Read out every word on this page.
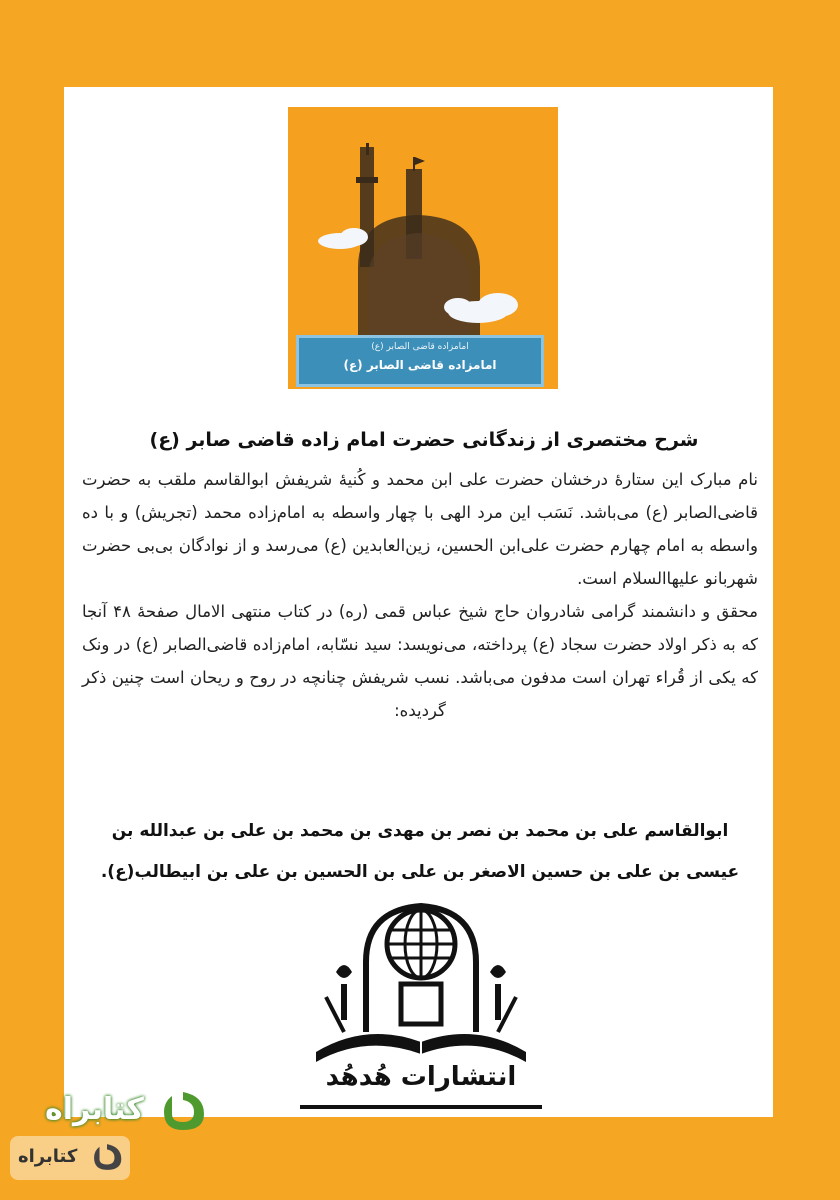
امامزاده قاضی الصابر (ع)
امامزاده قاضی الصابر (ع)
شرح مختصری از زندگانی حضرت امام زاده قاضی صابر (ع)

نام مبارک این ستارۀ درخشان حضرت علی ابن محمد و کُنیۀ شریفش ابوالقاسم ملقب به حضرت قاضی‌الصابر (ع) می‌باشد. نَسَب این مرد الهی با چهار واسطه به امام‌زاده محمد (تجریش) و با ده واسطه به امام چهارم حضرت علی‌ابن الحسین، زین‌العابدین (ع) می‌رسد و از نوادگان بی‌بی حضرت شهربانو علیهاالسلام است.

محقق و دانشمند گرامی شادروان حاج شیخ عباس قمی (ره) در کتاب منتهی الامال صفحۀ ۴۸ آنجا که به ذکر اولاد حضرت سجاد (ع) پرداخته، می‌نویسد: سید نسّابه، امام‌زاده قاضی‌الصابر (ع) در ونک که یکی از قُراء تهران است مدفون می‌باشد. نسب شریفش چنانچه در روح و ریحان است چنین ذکر گردیده:

ابوالقاسم علی بن محمد بن نصر بن مهدی بن محمد بن علی بن عبدالله بن
عیسی بن علی بن حسین الاصغر بن علی بن الحسین بن علی بن ابیطالب(ع).
انتشارات هُدهُد
کتابراه
کتابراه
